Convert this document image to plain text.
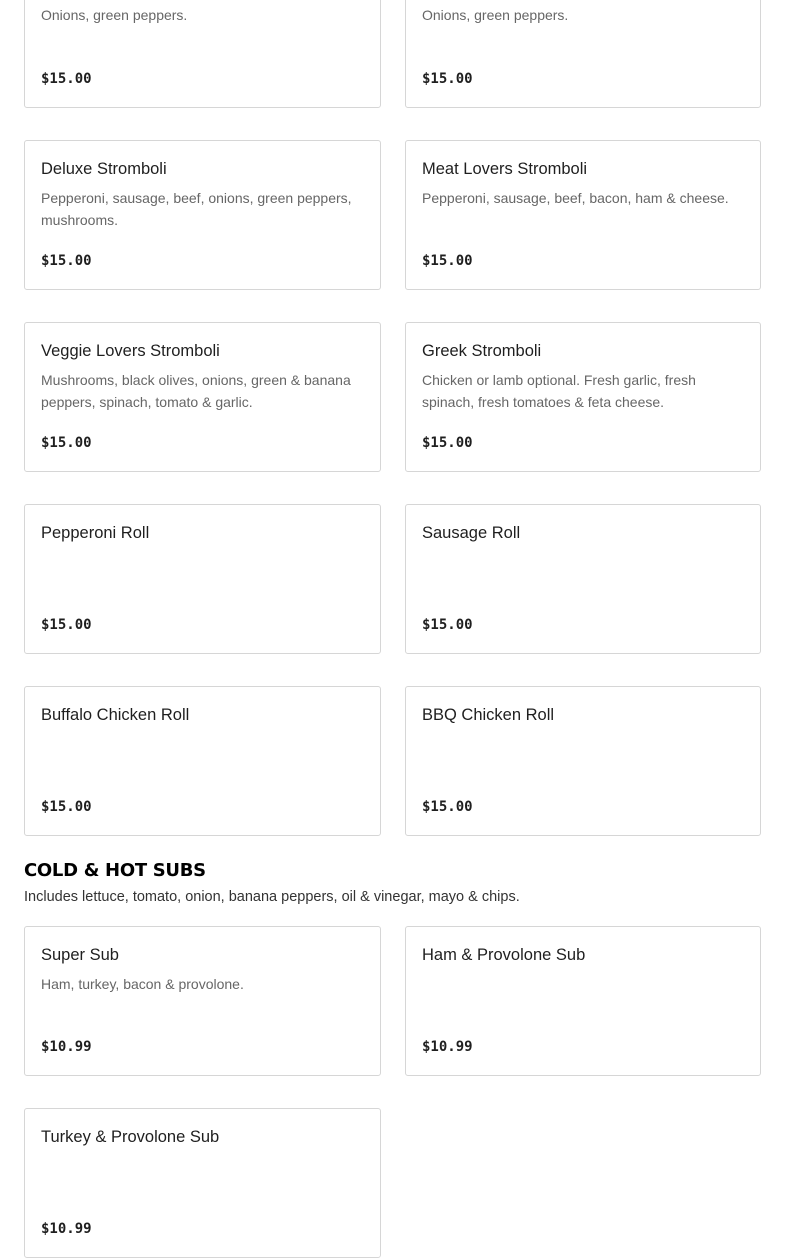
Onions, green peppers.
$15.00
Onions, green peppers.
$15.00
Deluxe Stromboli
Pepperoni, sausage, beef, onions, green peppers, mushrooms.
$15.00
Meat Lovers Stromboli
Pepperoni, sausage, beef, bacon, ham & cheese.
$15.00
Veggie Lovers Stromboli
Mushrooms, black olives, onions, green & banana peppers, spinach, tomato & garlic.
$15.00
Greek Stromboli
Chicken or lamb optional. Fresh garlic, fresh spinach, fresh tomatoes & feta cheese.
$15.00
Pepperoni Roll
$15.00
Sausage Roll
$15.00
Buffalo Chicken Roll
$15.00
BBQ Chicken Roll
$15.00
COLD & HOT SUBS
Includes lettuce, tomato, onion, banana peppers, oil & vinegar, mayo & chips.
Super Sub
Ham, turkey, bacon & provolone.
$10.99
Ham & Provolone Sub
$10.99
Turkey & Provolone Sub
$10.99
